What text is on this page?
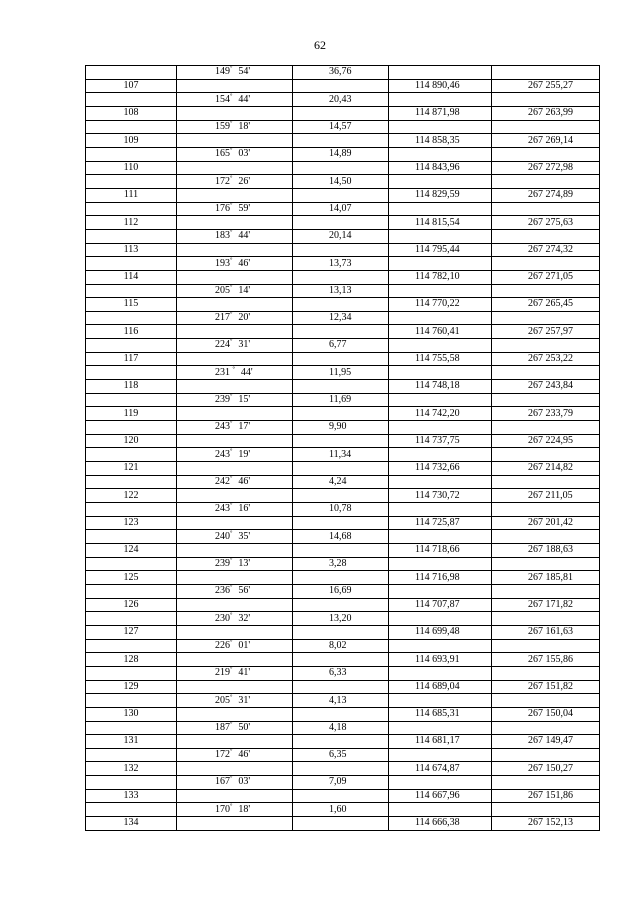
62
	149° 54'	36,76		
107			114 890,46	267 255,27
	154° 44'	20,43		
108			114 871,98	267 263,99
	159° 18'	14,57		
109			114 858,35	267 269,14
	165° 03'	14,89		
110			114 843,96	267 272,98
	172° 26'	14,50		
111			114 829,59	267 274,89
	176° 59'	14,07		
112			114 815,54	267 275,63
	183° 44'	20,14		
113			114 795,44	267 274,32
	193° 46'	13,73		
114			114 782,10	267 271,05
	205° 14'	13,13		
115			114 770,22	267 265,45
	217° 20'	12,34		
116			114 760,41	267 257,97
	224° 31'	6,77		
117			114 755,58	267 253,22
	231 ° 44'	11,95		
118			114 748,18	267 243,84
	239° 15'	11,69		
119			114 742,20	267 233,79
	243° 17'	9,90		
120			114 737,75	267 224,95
	243° 19'	11,34		
121			114 732,66	267 214,82
	242° 46'	4,24		
122			114 730,72	267 211,05
	243° 16'	10,78		
123			114 725,87	267 201,42
	240° 35'	14,68		
124			114 718,66	267 188,63
	239° 13'	3,28		
125			114 716,98	267 185,81
	236° 56'	16,69		
126			114 707,87	267 171,82
	230° 32'	13,20		
127			114 699,48	267 161,63
	226° 01'	8,02		
128			114 693,91	267 155,86
	219° 41'	6,33		
129			114 689,04	267 151,82
	205° 31'	4,13		
130			114 685,31	267 150,04
	187° 50'	4,18		
131			114 681,17	267 149,47
	172° 46'	6,35		
132			114 674,87	267 150,27
	167° 03'	7,09		
133			114 667,96	267 151,86
	170° 18'	1,60		
134			114 666,38	267 152,13
